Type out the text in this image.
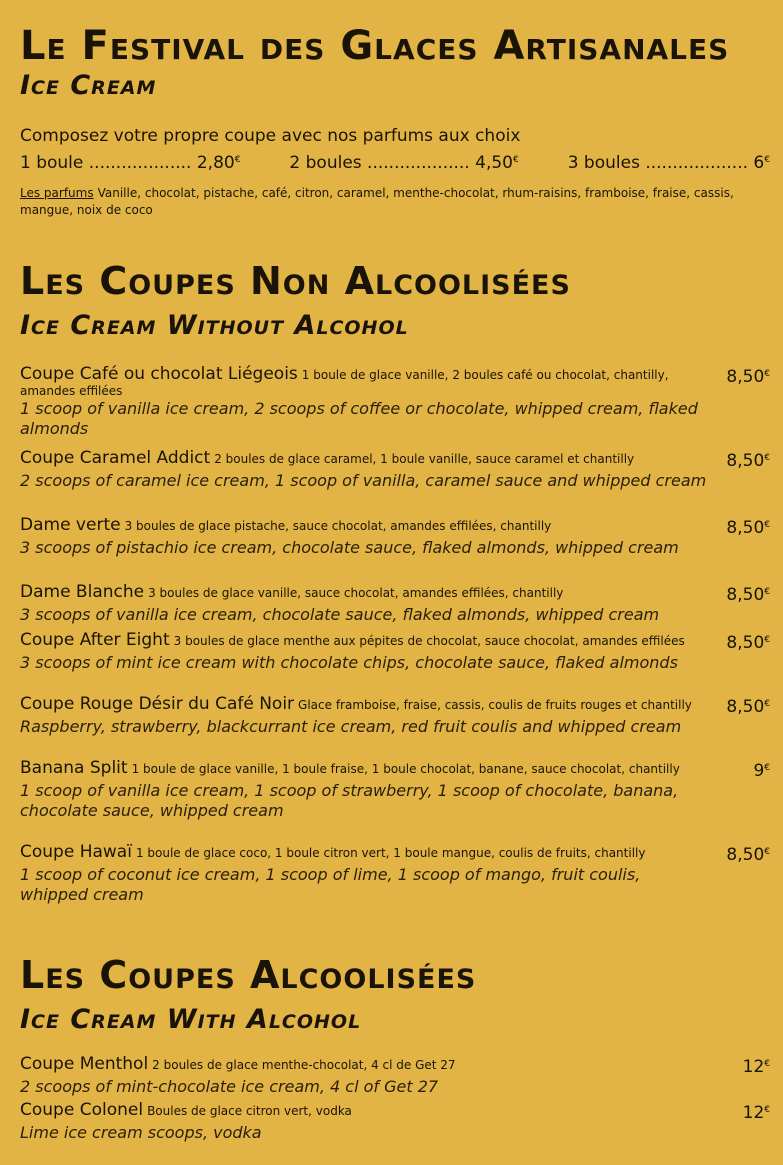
Le Festival des Glaces Artisanales
Ice Cream

Composez votre propre coupe avec nos parfums aux choix

1 boule ................... 2,80€	2 boules ................... 4,50€	3 boules ................... 6€
Les parfums Vanille, chocolat, pistache, café, citron, caramel, menthe-chocolat, rhum-raisins, framboise, fraise, cassis, mangue, noix de coco
Les Coupes Non Alcoolisées
Ice Cream Without Alcohol
Coupe Café ou chocolat Liégeois 1 boule de glace vanille, 2 boules café ou chocolat, chantilly, amandes effilées
8,50€
1 scoop of vanilla ice cream, 2 scoops of coffee or chocolate, whipped cream, flaked almonds
Coupe Caramel Addict 2 boules de glace caramel, 1 boule vanille, sauce caramel et chantilly	8,50€
2 scoops of caramel ice cream, 1 scoop of vanilla, caramel sauce and whipped cream
Dame verte 3 boules de glace pistache, sauce chocolat, amandes effilées, chantilly	8,50€
3 scoops of pistachio ice cream, chocolate sauce, flaked almonds, whipped cream
Dame Blanche 3 boules de glace vanille, sauce chocolat, amandes effilées, chantilly	8,50€
3 scoops of vanilla ice cream, chocolate sauce, flaked almonds, whipped cream
Coupe After Eight 3 boules de glace menthe aux pépites de chocolat, sauce chocolat, amandes effilées	8,50€
3 scoops of mint ice cream with chocolate chips, chocolate sauce, flaked almonds
Coupe Rouge Désir du Café Noir Glace framboise, fraise, cassis, coulis de fruits rouges et chantilly	8,50€
Raspberry, strawberry, blackcurrant ice cream, red fruit coulis and whipped cream
Banana Split 1 boule de glace vanille, 1 boule fraise, 1 boule chocolat, banane, sauce chocolat, chantilly	9€
1 scoop of vanilla ice cream, 1 scoop of strawberry, 1 scoop of chocolate, banana, chocolate sauce, whipped cream
Coupe Hawaï 1 boule de glace coco, 1 boule citron vert, 1 boule mangue, coulis de fruits, chantilly	8,50€
1 scoop of coconut ice cream, 1 scoop of lime, 1 scoop of mango, fruit coulis, whipped cream
Les Coupes Alcoolisées
Ice Cream With Alcohol
Coupe Menthol 2 boules de glace menthe-chocolat, 4 cl de Get 27	12€
2 scoops of mint-chocolate ice cream, 4 cl of Get 27
Coupe Colonel Boules de glace citron vert, vodka	12€
Lime ice cream scoops, vodka
